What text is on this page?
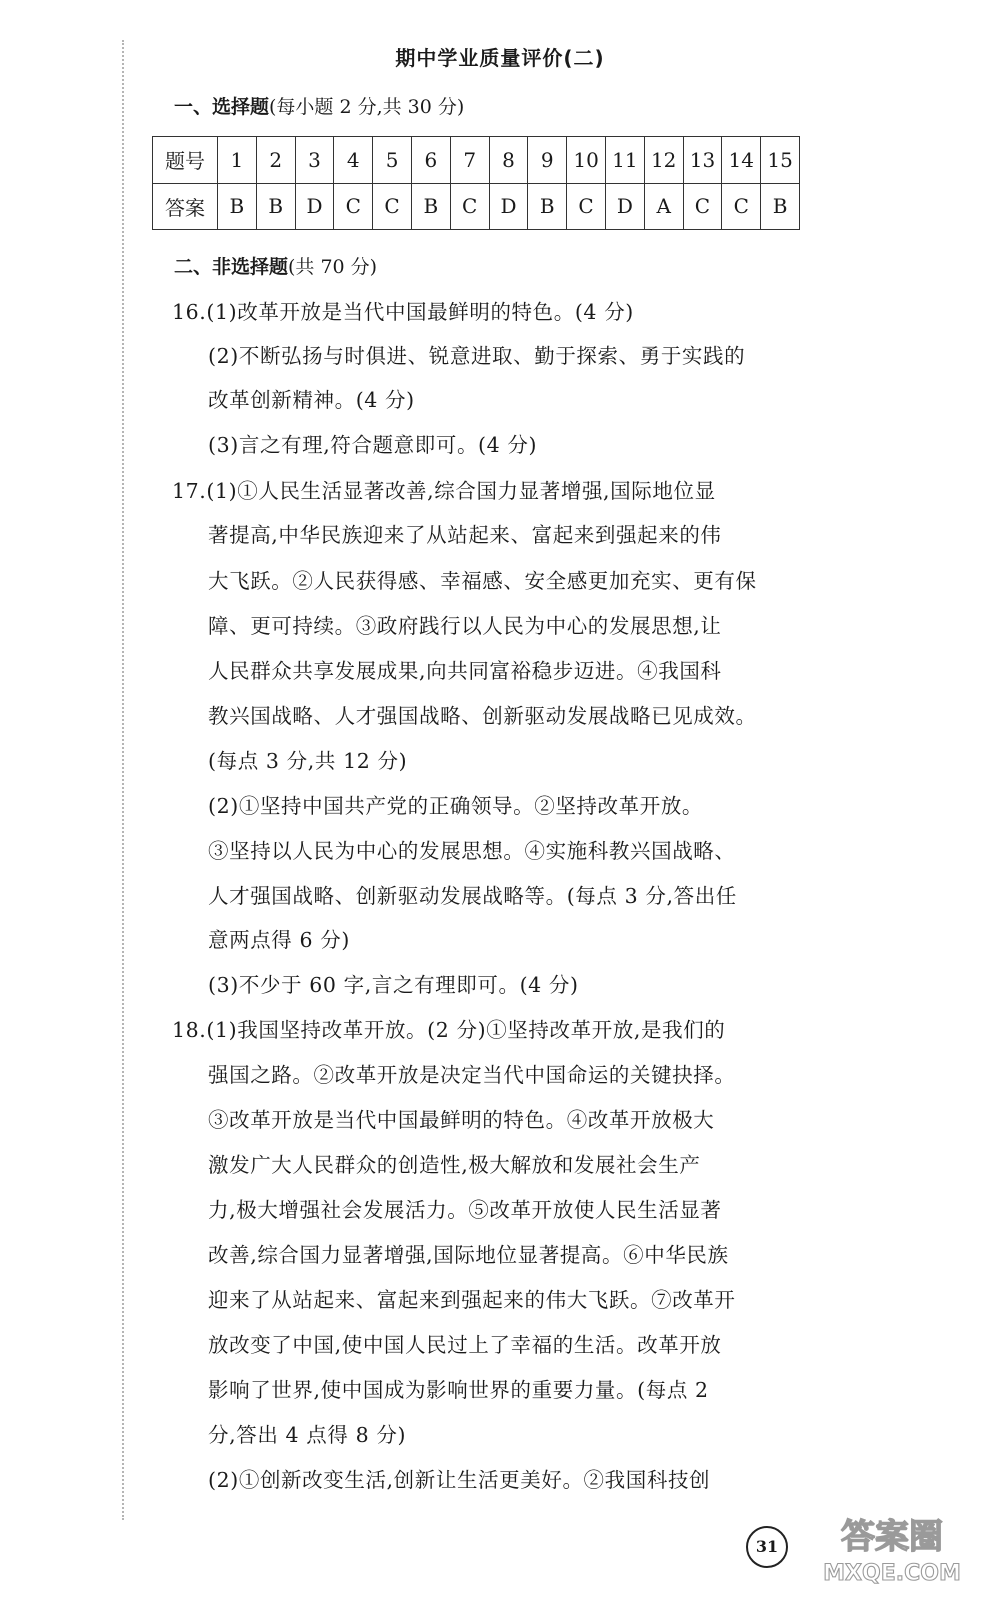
期中学业质量评价(二)
一、选择题(每小题 2 分,共 30 分)
题号	1	2	3	4	5	6	7	8	9	10	11	12	13	14	15
答案	B	B	D	C	C	B	C	D	B	C	D	A	C	C	B
二、非选择题(共 70 分)
16.(1)改革开放是当代中国最鲜明的特色。(4 分)
(2)不断弘扬与时俱进、锐意进取、勤于探索、勇于实践的
改革创新精神。(4 分)
(3)言之有理,符合题意即可。(4 分)
17.(1)①人民生活显著改善,综合国力显著增强,国际地位显
著提高,中华民族迎来了从站起来、富起来到强起来的伟
大飞跃。②人民获得感、幸福感、安全感更加充实、更有保
障、更可持续。③政府践行以人民为中心的发展思想,让
人民群众共享发展成果,向共同富裕稳步迈进。④我国科
教兴国战略、人才强国战略、创新驱动发展战略已见成效。
(每点 3 分,共 12 分)
(2)①坚持中国共产党的正确领导。②坚持改革开放。
③坚持以人民为中心的发展思想。④实施科教兴国战略、
人才强国战略、创新驱动发展战略等。(每点 3 分,答出任
意两点得 6 分)
(3)不少于 60 字,言之有理即可。(4 分)
18.(1)我国坚持改革开放。(2 分)①坚持改革开放,是我们的
强国之路。②改革开放是决定当代中国命运的关键抉择。
③改革开放是当代中国最鲜明的特色。④改革开放极大
激发广大人民群众的创造性,极大解放和发展社会生产
力,极大增强社会发展活力。⑤改革开放使人民生活显著
改善,综合国力显著增强,国际地位显著提高。⑥中华民族
迎来了从站起来、富起来到强起来的伟大飞跃。⑦改革开
放改变了中国,使中国人民过上了幸福的生活。改革开放
影响了世界,使中国成为影响世界的重要力量。(每点 2
分,答出 4 点得 8 分)
(2)①创新改变生活,创新让生活更美好。②我国科技创
31 答案圈
MXQE.COM
